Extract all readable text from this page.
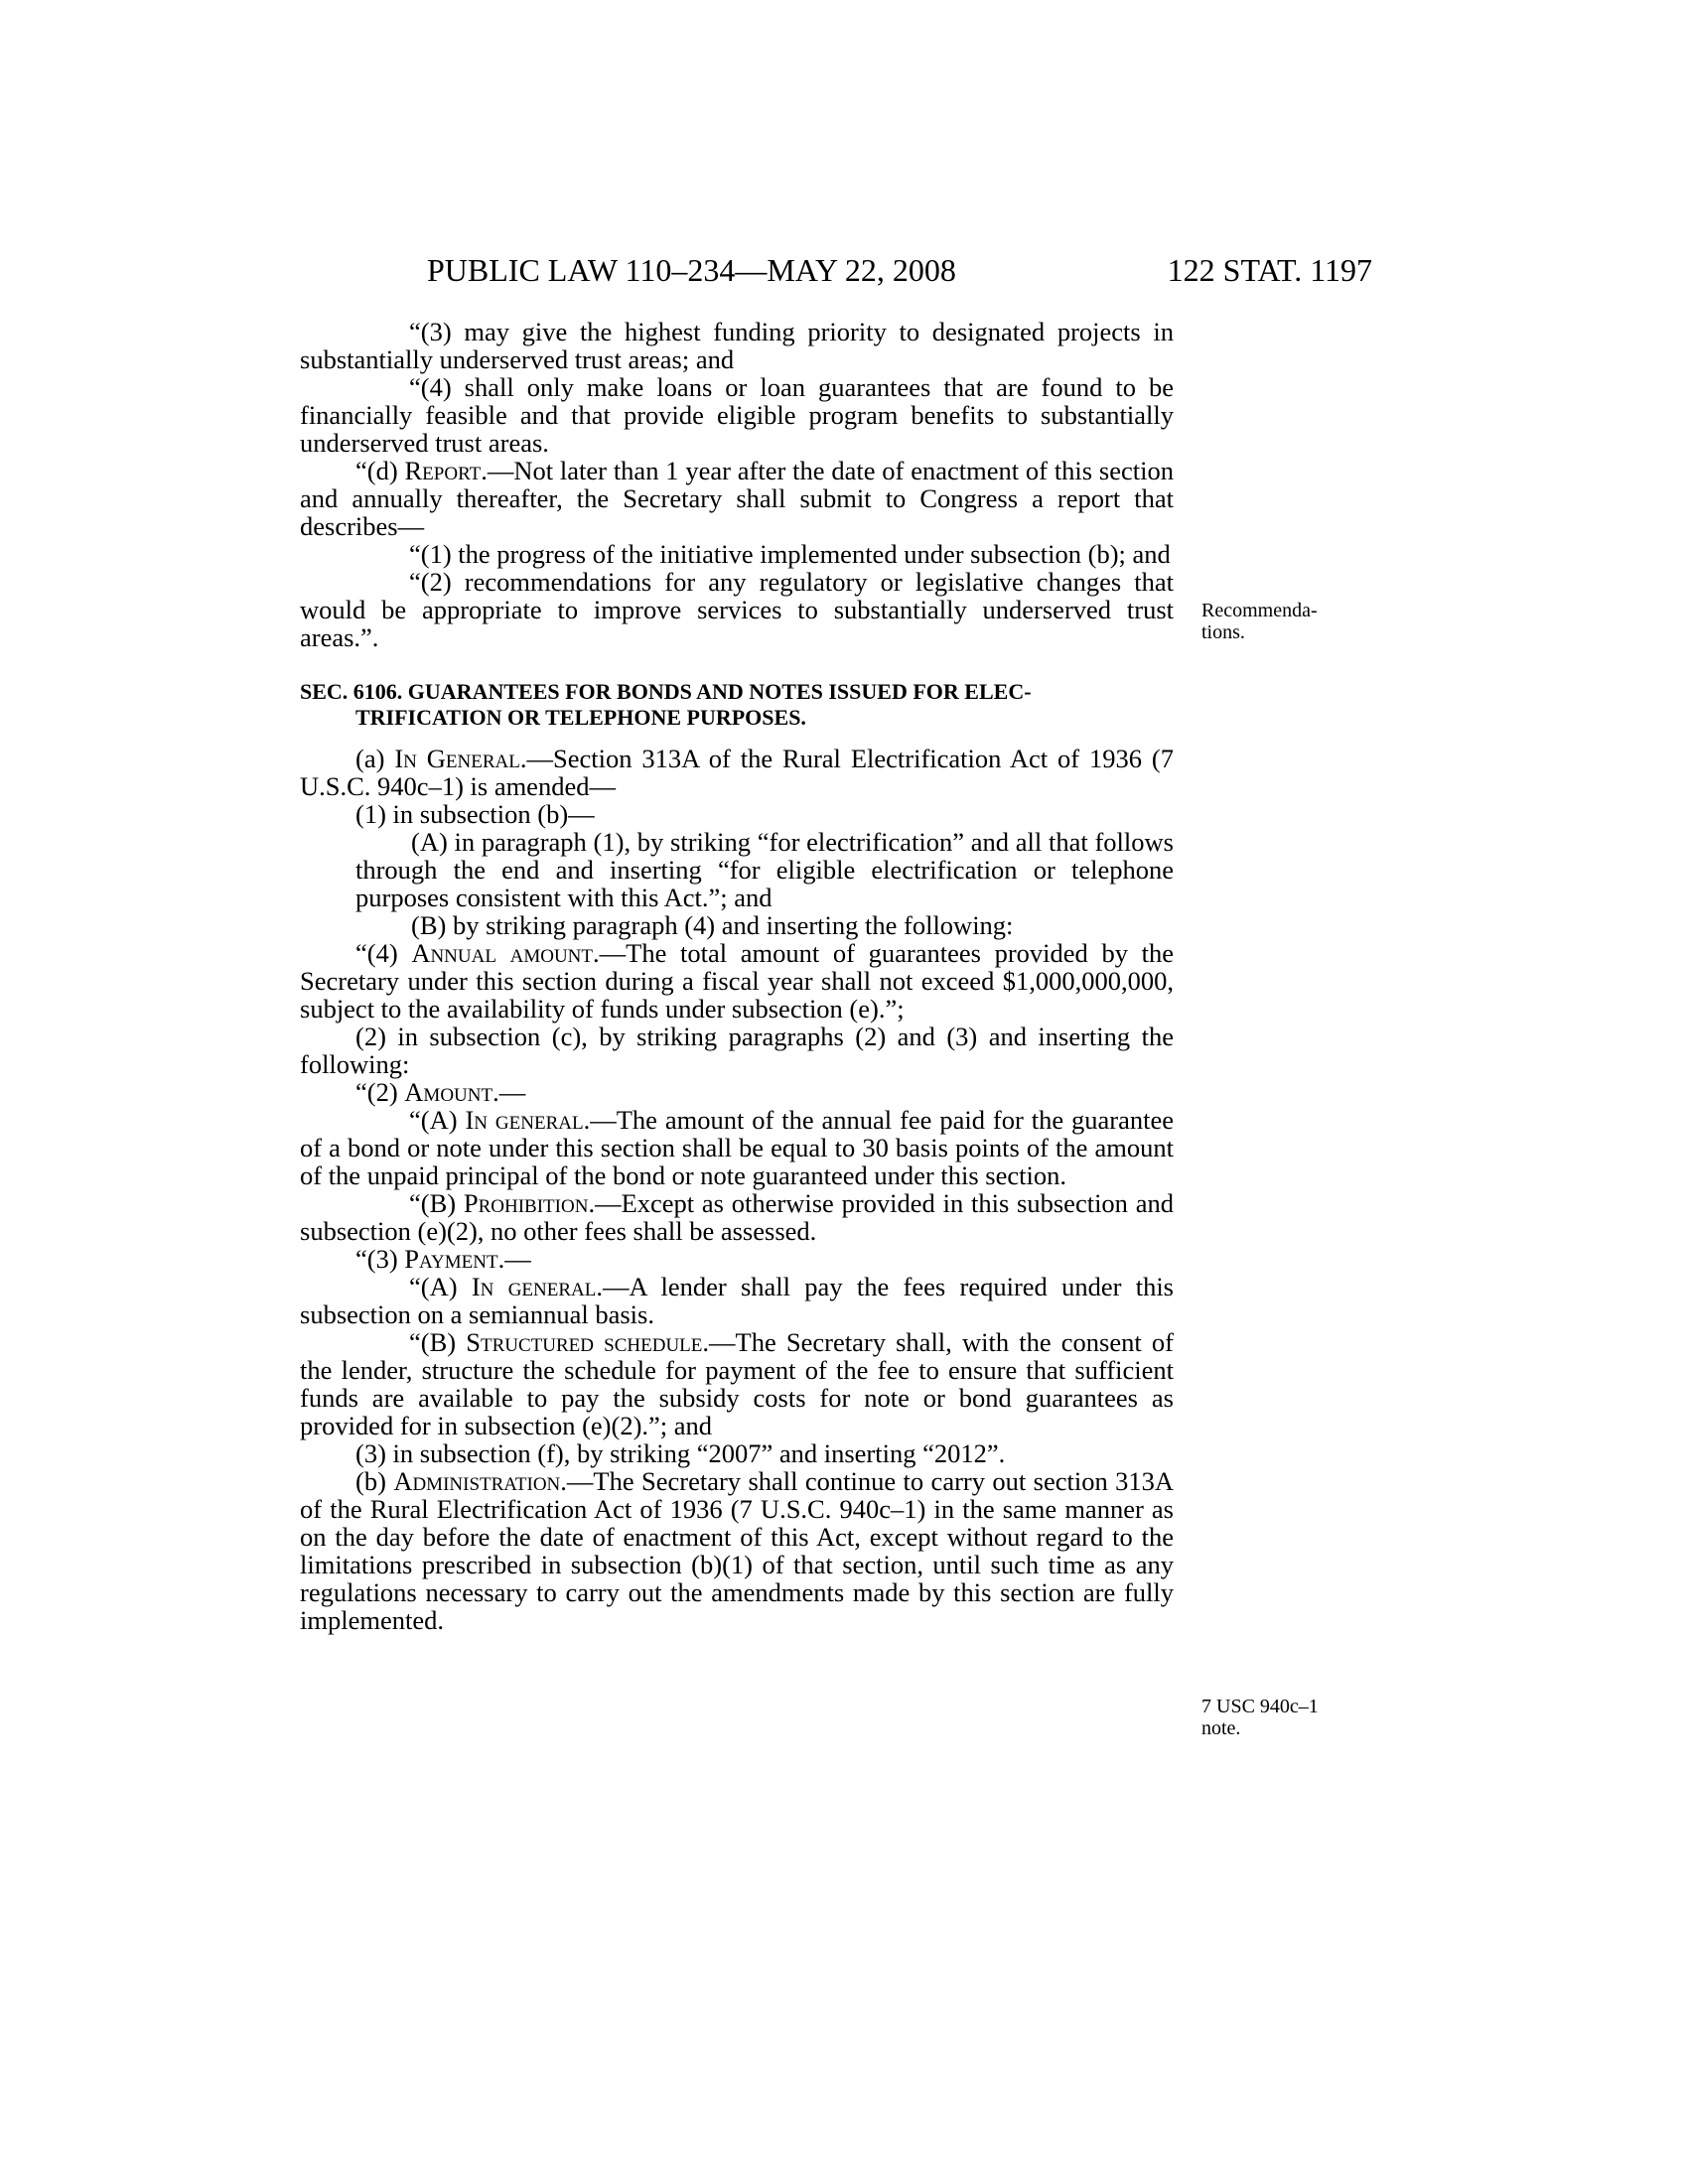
PUBLIC LAW 110–234—MAY 22, 2008	122 STAT. 1197

“(3) may give the highest funding priority to designated projects in substantially underserved trust areas; and

“(4) shall only make loans or loan guarantees that are found to be financially feasible and that provide eligible program benefits to substantially underserved trust areas.

“(d) Report.—Not later than 1 year after the date of enactment of this section and annually thereafter, the Secretary shall submit to Congress a report that describes—

“(1) the progress of the initiative implemented under subsection (b); and

“(2) recommendations for any regulatory or legislative changes that would be appropriate to improve services to substantially underserved trust areas.”.

SEC. 6106. GUARANTEES FOR BONDS AND NOTES ISSUED FOR ELEC-
TRIFICATION OR TELEPHONE PURPOSES.

(a) In General.—Section 313A of the Rural Electrification Act of 1936 (7 U.S.C. 940c–1) is amended—

(1) in subsection (b)—

(A) in paragraph (1), by striking “for electrification” and all that follows through the end and inserting “for eligible electrification or telephone purposes consistent with this Act.”; and

(B) by striking paragraph (4) and inserting the following:

“(4) Annual amount.—The total amount of guarantees provided by the Secretary under this section during a fiscal year shall not exceed $1,000,000,000, subject to the availability of funds under subsection (e).”;

(2) in subsection (c), by striking paragraphs (2) and (3) and inserting the following:

“(2) Amount.—

“(A) In general.—The amount of the annual fee paid for the guarantee of a bond or note under this section shall be equal to 30 basis points of the amount of the unpaid principal of the bond or note guaranteed under this section.

“(B) Prohibition.—Except as otherwise provided in this subsection and subsection (e)(2), no other fees shall be assessed.

“(3) Payment.—

“(A) In general.—A lender shall pay the fees required under this subsection on a semiannual basis.

“(B) Structured schedule.—The Secretary shall, with the consent of the lender, structure the schedule for payment of the fee to ensure that sufficient funds are available to pay the subsidy costs for note or bond guarantees as provided for in subsection (e)(2).”; and

(3) in subsection (f), by striking “2007” and inserting “2012”.

(b) Administration.—The Secretary shall continue to carry out section 313A of the Rural Electrification Act of 1936 (7 U.S.C. 940c–1) in the same manner as on the day before the date of enactment of this Act, except without regard to the limitations prescribed in subsection (b)(1) of that section, until such time as any regulations necessary to carry out the amendments made by this section are fully implemented.

Recommenda-
tions.
7 USC 940c–1
note.
